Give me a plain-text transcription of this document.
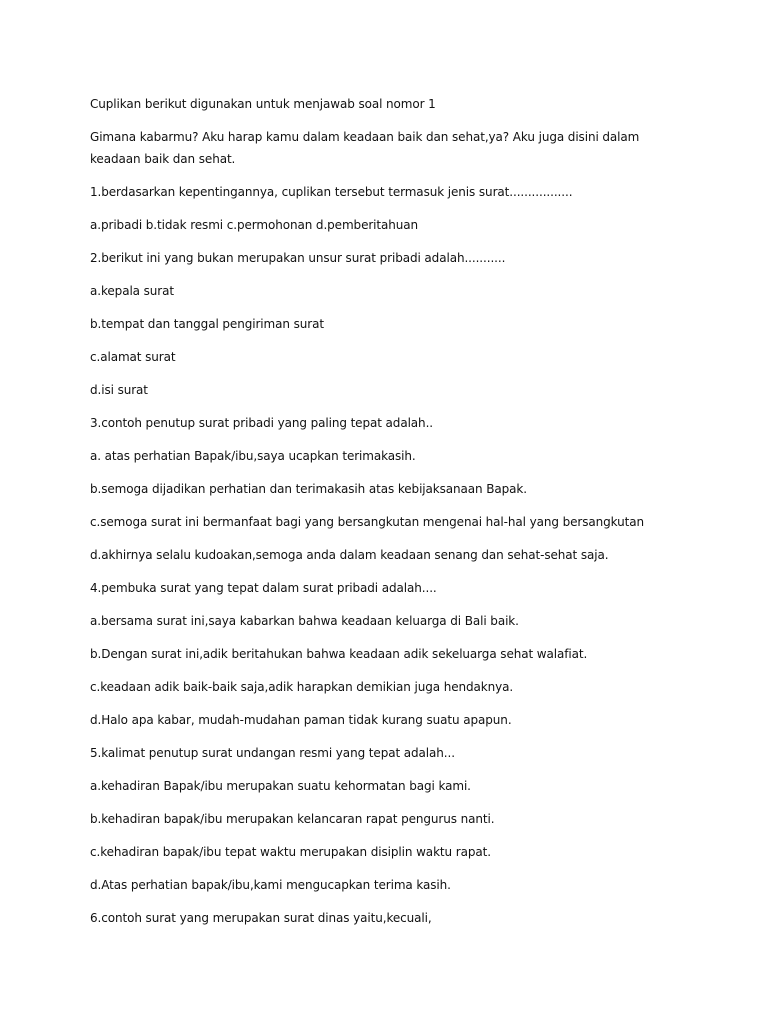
Cuplikan berikut digunakan untuk menjawab soal nomor 1
Gimana kabarmu? Aku harap kamu dalam keadaan baik dan sehat,ya? Aku juga disini dalam keadaan baik dan sehat.
1.berdasarkan kepentingannya, cuplikan tersebut termasuk jenis surat.................
a.pribadi b.tidak resmi c.permohonan d.pemberitahuan
2.berikut ini yang bukan merupakan unsur surat pribadi adalah...........
a.kepala surat
b.tempat dan tanggal pengiriman surat
c.alamat surat
d.isi surat
3.contoh penutup surat pribadi yang paling tepat adalah..
a. atas perhatian Bapak/ibu,saya ucapkan terimakasih.
b.semoga dijadikan perhatian dan terimakasih atas kebijaksanaan Bapak.
c.semoga surat ini bermanfaat bagi yang bersangkutan mengenai hal-hal yang bersangkutan
d.akhirnya selalu kudoakan,semoga anda dalam keadaan senang dan sehat-sehat saja.
4.pembuka surat yang tepat dalam surat pribadi adalah....
a.bersama surat ini,saya kabarkan bahwa keadaan keluarga di Bali baik.
b.Dengan surat ini,adik beritahukan bahwa keadaan adik sekeluarga sehat walafiat.
c.keadaan adik baik-baik saja,adik harapkan demikian juga hendaknya.
d.Halo apa kabar, mudah-mudahan paman tidak kurang suatu apapun.
5.kalimat penutup surat undangan resmi yang tepat adalah...
a.kehadiran Bapak/ibu merupakan suatu kehormatan bagi kami.
b.kehadiran bapak/ibu merupakan kelancaran rapat pengurus nanti.
c.kehadiran bapak/ibu tepat waktu merupakan disiplin waktu rapat.
d.Atas perhatian bapak/ibu,kami mengucapkan terima kasih.
6.contoh surat yang merupakan surat dinas yaitu,kecuali,
